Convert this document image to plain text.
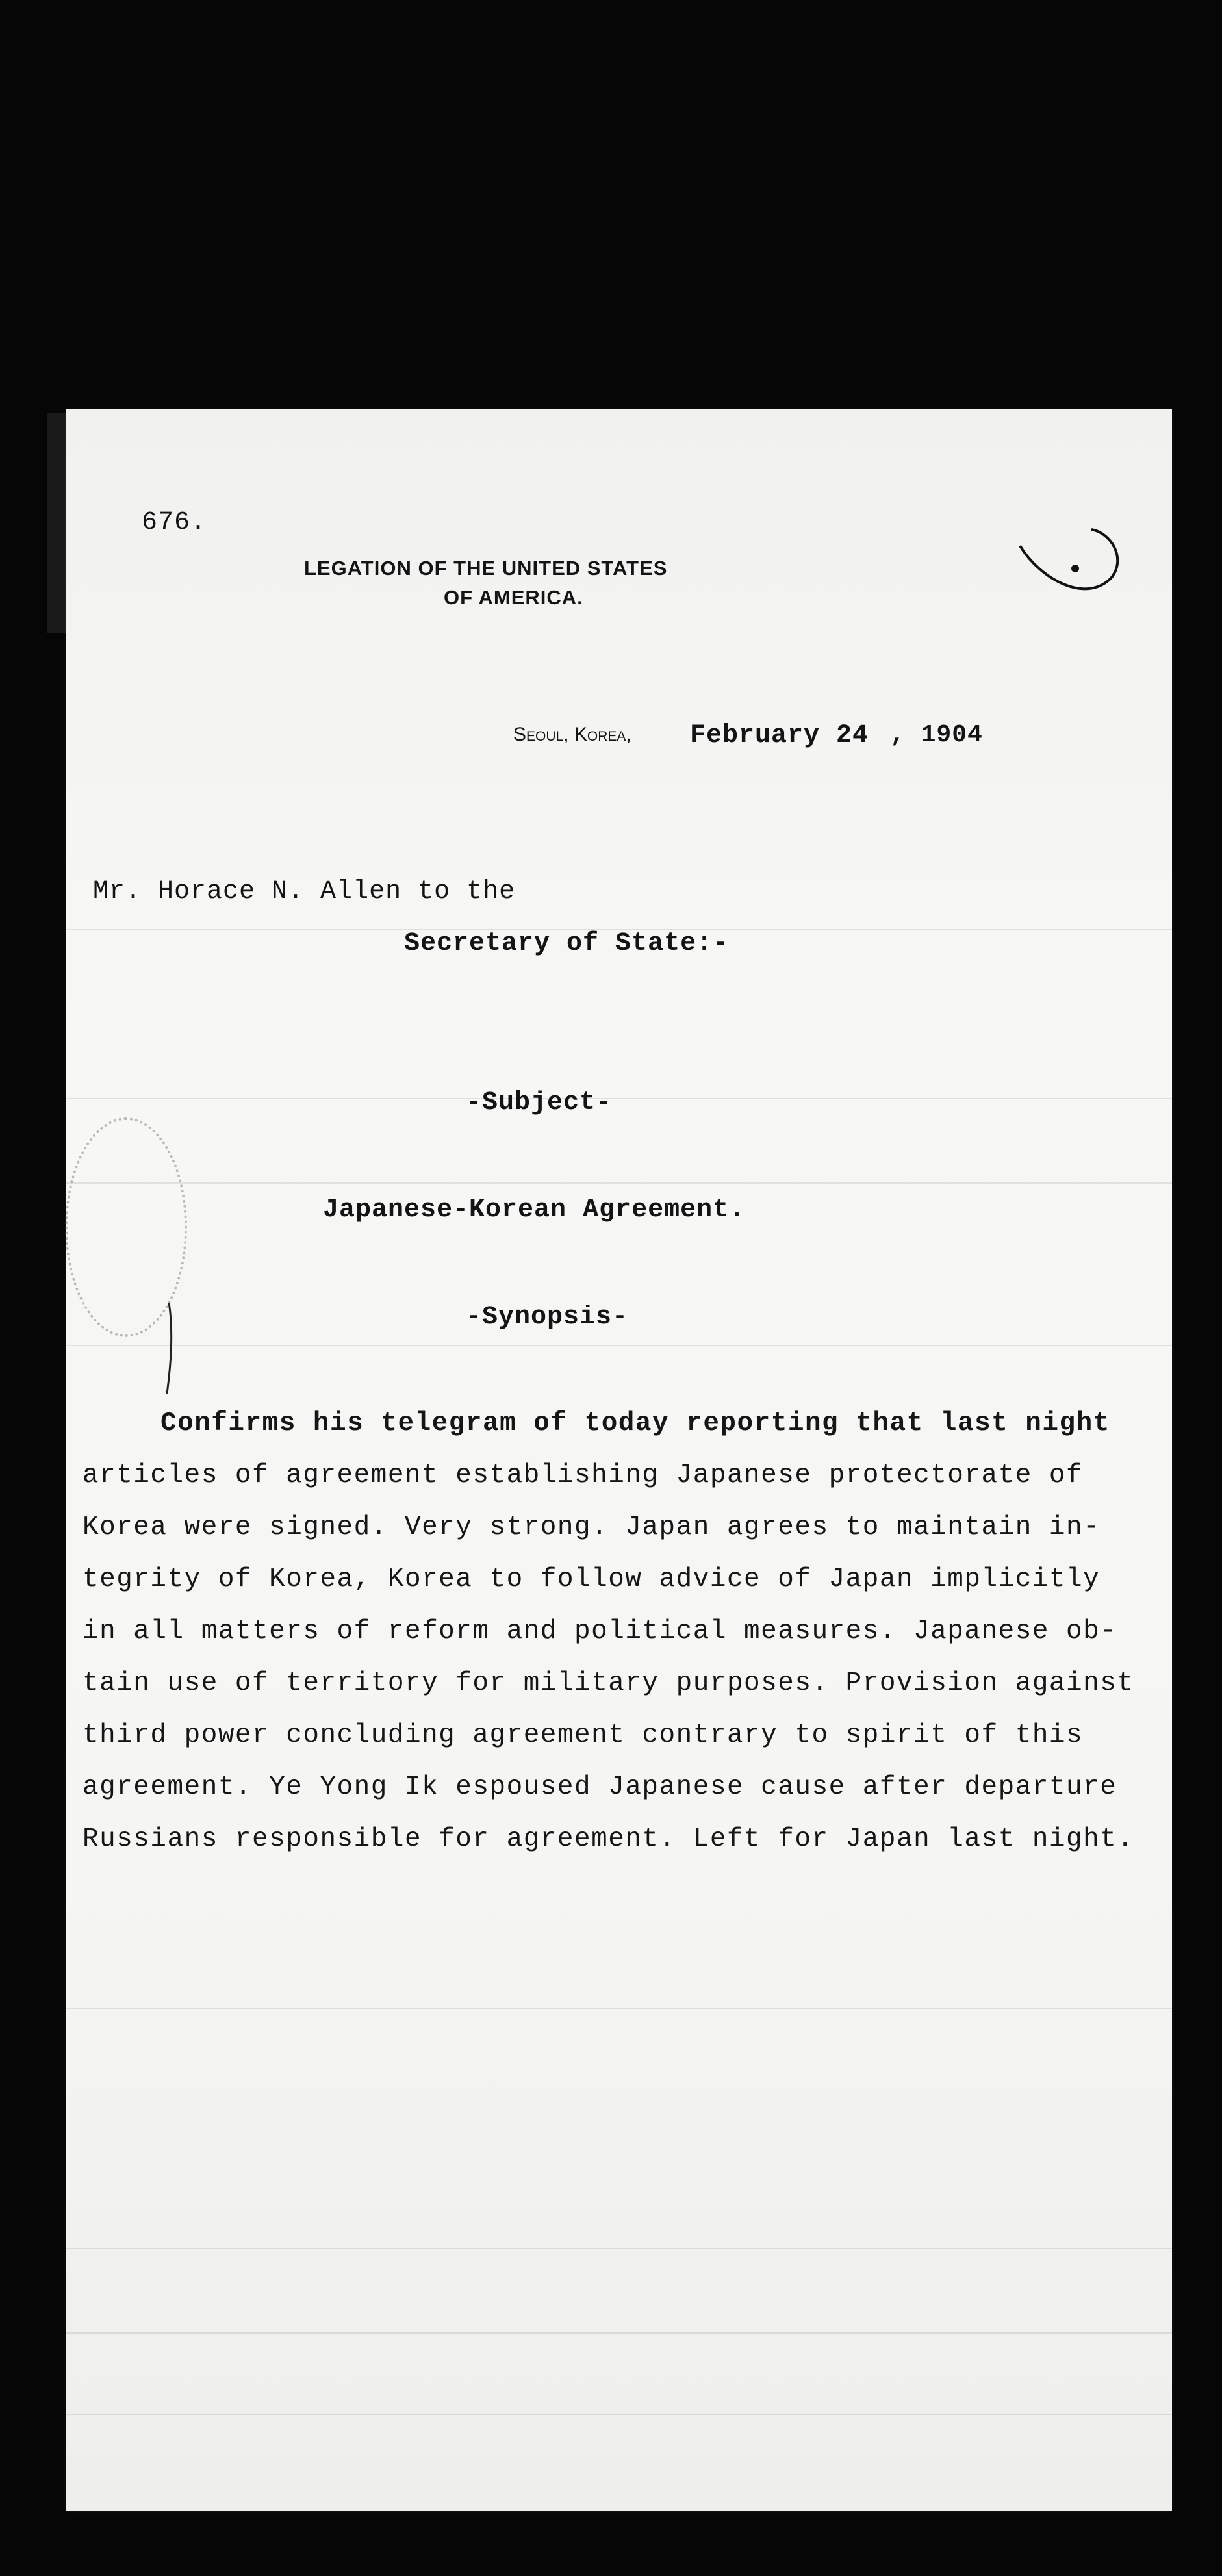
676.
LEGATION OF THE UNITED STATES
OF AMERICA.
Seoul, Korea, February 24 , 1904
Mr. Horace N. Allen to the
Secretary of State:-
-Subject-
Japanese-Korean Agreement.
-Synopsis-
Confirms his telegram of today reporting that last night
articles of agreement establishing Japanese protectorate of
Korea were signed. Very strong. Japan agrees to maintain in-
tegrity of Korea, Korea to follow advice of Japan implicitly
in all matters of reform and political measures. Japanese ob-
tain use of territory for military purposes. Provision against
third power concluding agreement contrary to spirit of this
agreement. Ye Yong Ik espoused Japanese cause after departure
Russians responsible for agreement. Left for Japan last night.
